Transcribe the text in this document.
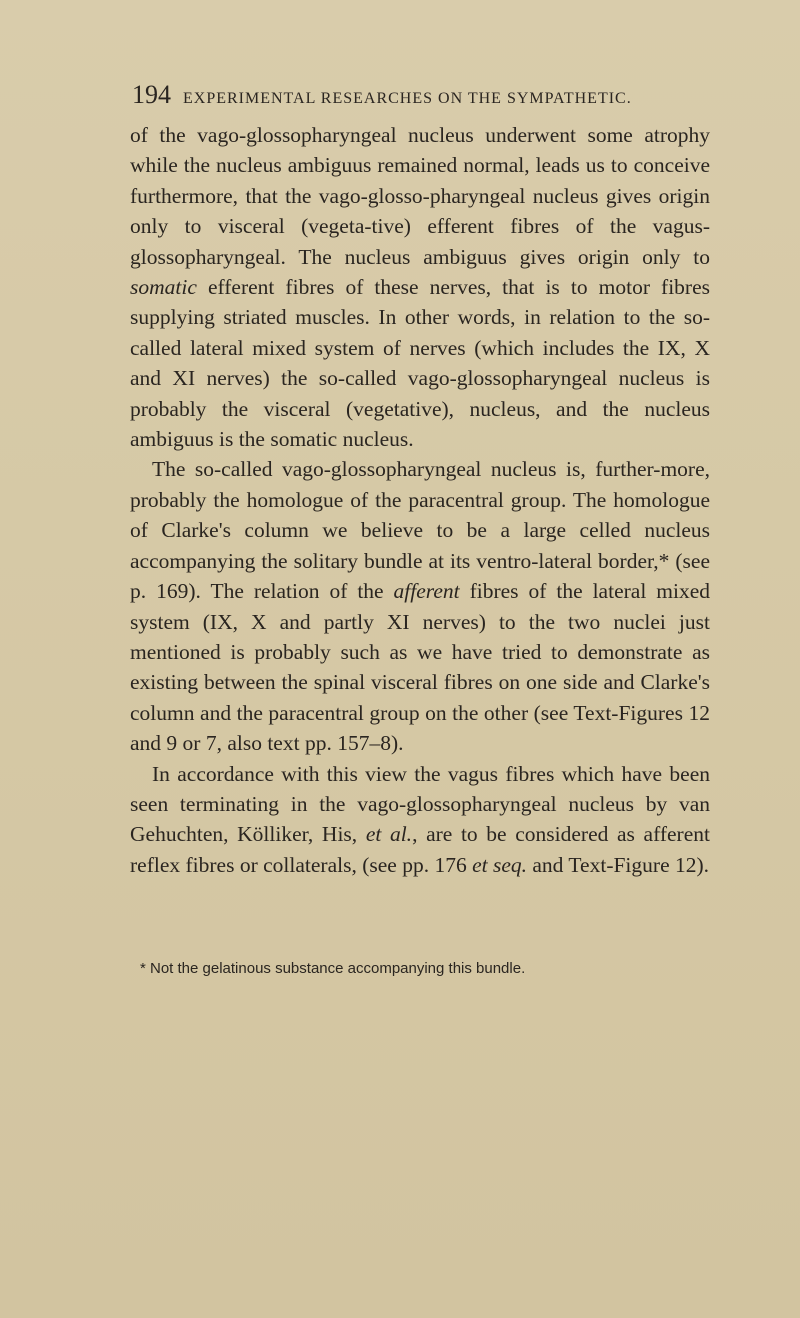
194 EXPERIMENTAL RESEARCHES ON THE SYMPATHETIC.

of the vago-glossopharyngeal nucleus underwent some atrophy while the nucleus ambiguus remained normal, leads us to conceive furthermore, that the vago-glosso-pharyngeal nucleus gives origin only to visceral (vegeta-tive) efferent fibres of the vagus-glossopharyngeal. The nucleus ambiguus gives origin only to somatic efferent fibres of these nerves, that is to motor fibres supplying striated muscles. In other words, in relation to the so-called lateral mixed system of nerves (which includes the IX, X and XI nerves) the so-called vago-glossopharyngeal nucleus is probably the visceral (vegetative), nucleus, and the nucleus ambiguus is the somatic nucleus.

The so-called vago-glossopharyngeal nucleus is, further-more, probably the homologue of the paracentral group. The homologue of Clarke's column we believe to be a large celled nucleus accompanying the solitary bundle at its ventro-lateral border,* (see p. 169). The relation of the afferent fibres of the lateral mixed system (IX, X and partly XI nerves) to the two nuclei just mentioned is probably such as we have tried to demonstrate as existing between the spinal visceral fibres on one side and Clarke's column and the paracentral group on the other (see Text-Figures 12 and 9 or 7, also text pp. 157–8).

In accordance with this view the vagus fibres which have been seen terminating in the vago-glossopharyngeal nucleus by van Gehuchten, Kölliker, His, et al., are to be considered as afferent reflex fibres or collaterals, (see pp. 176 et seq. and Text-Figure 12).

* Not the gelatinous substance accompanying this bundle.
